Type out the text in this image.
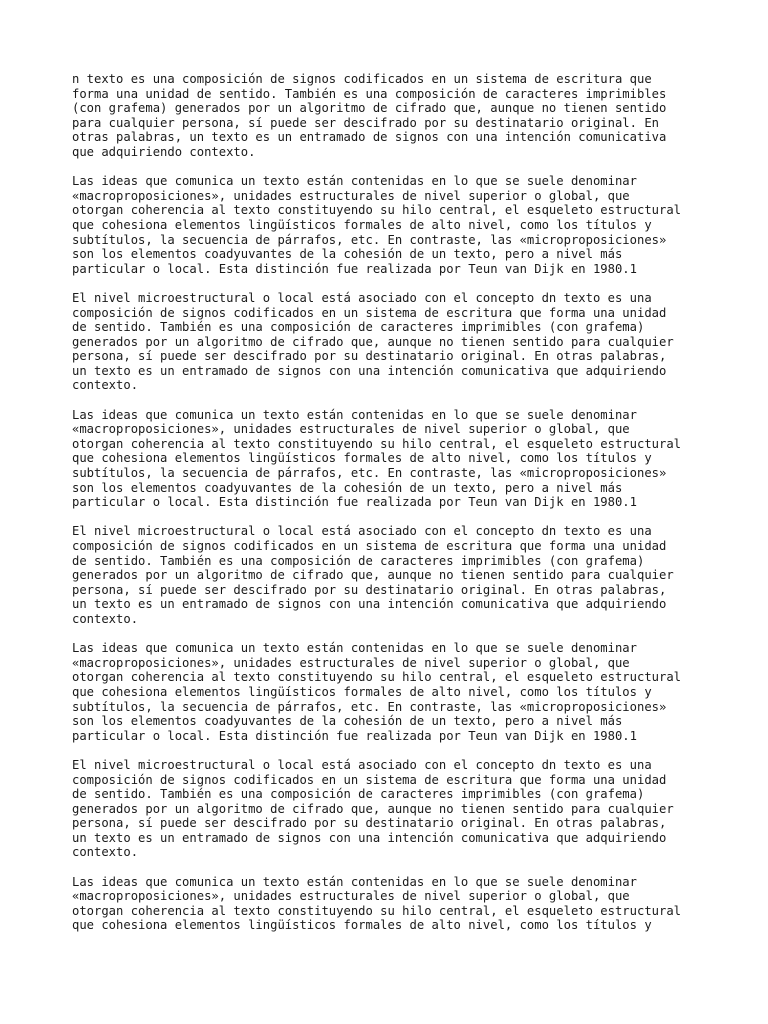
n texto es una composición de signos codificados en un sistema de escritura que
forma una unidad de sentido. También es una composición de caracteres imprimibles
(con grafema) generados por un algoritmo de cifrado que, aunque no tienen sentido
para cualquier persona, sí puede ser descifrado por su destinatario original. En
otras palabras, un texto es un entramado de signos con una intención comunicativa
que adquiriendo contexto.

Las ideas que comunica un texto están contenidas en lo que se suele denominar
«macroproposiciones», unidades estructurales de nivel superior o global, que
otorgan coherencia al texto constituyendo su hilo central, el esqueleto estructural
que cohesiona elementos lingüísticos formales de alto nivel, como los títulos y
subtítulos, la secuencia de párrafos, etc. En contraste, las «microproposiciones»
son los elementos coadyuvantes de la cohesión de un texto, pero a nivel más
particular o local. Esta distinción fue realizada por Teun van Dijk en 1980.1

El nivel microestructural o local está asociado con el concepto dn texto es una
composición de signos codificados en un sistema de escritura que forma una unidad
de sentido. También es una composición de caracteres imprimibles (con grafema)
generados por un algoritmo de cifrado que, aunque no tienen sentido para cualquier
persona, sí puede ser descifrado por su destinatario original. En otras palabras,
un texto es un entramado de signos con una intención comunicativa que adquiriendo
contexto.

Las ideas que comunica un texto están contenidas en lo que se suele denominar
«macroproposiciones», unidades estructurales de nivel superior o global, que
otorgan coherencia al texto constituyendo su hilo central, el esqueleto estructural
que cohesiona elementos lingüísticos formales de alto nivel, como los títulos y
subtítulos, la secuencia de párrafos, etc. En contraste, las «microproposiciones»
son los elementos coadyuvantes de la cohesión de un texto, pero a nivel más
particular o local. Esta distinción fue realizada por Teun van Dijk en 1980.1

El nivel microestructural o local está asociado con el concepto dn texto es una
composición de signos codificados en un sistema de escritura que forma una unidad
de sentido. También es una composición de caracteres imprimibles (con grafema)
generados por un algoritmo de cifrado que, aunque no tienen sentido para cualquier
persona, sí puede ser descifrado por su destinatario original. En otras palabras,
un texto es un entramado de signos con una intención comunicativa que adquiriendo
contexto.

Las ideas que comunica un texto están contenidas en lo que se suele denominar
«macroproposiciones», unidades estructurales de nivel superior o global, que
otorgan coherencia al texto constituyendo su hilo central, el esqueleto estructural
que cohesiona elementos lingüísticos formales de alto nivel, como los títulos y
subtítulos, la secuencia de párrafos, etc. En contraste, las «microproposiciones»
son los elementos coadyuvantes de la cohesión de un texto, pero a nivel más
particular o local. Esta distinción fue realizada por Teun van Dijk en 1980.1

El nivel microestructural o local está asociado con el concepto dn texto es una
composición de signos codificados en un sistema de escritura que forma una unidad
de sentido. También es una composición de caracteres imprimibles (con grafema)
generados por un algoritmo de cifrado que, aunque no tienen sentido para cualquier
persona, sí puede ser descifrado por su destinatario original. En otras palabras,
un texto es un entramado de signos con una intención comunicativa que adquiriendo
contexto.

Las ideas que comunica un texto están contenidas en lo que se suele denominar
«macroproposiciones», unidades estructurales de nivel superior o global, que
otorgan coherencia al texto constituyendo su hilo central, el esqueleto estructural
que cohesiona elementos lingüísticos formales de alto nivel, como los títulos y
